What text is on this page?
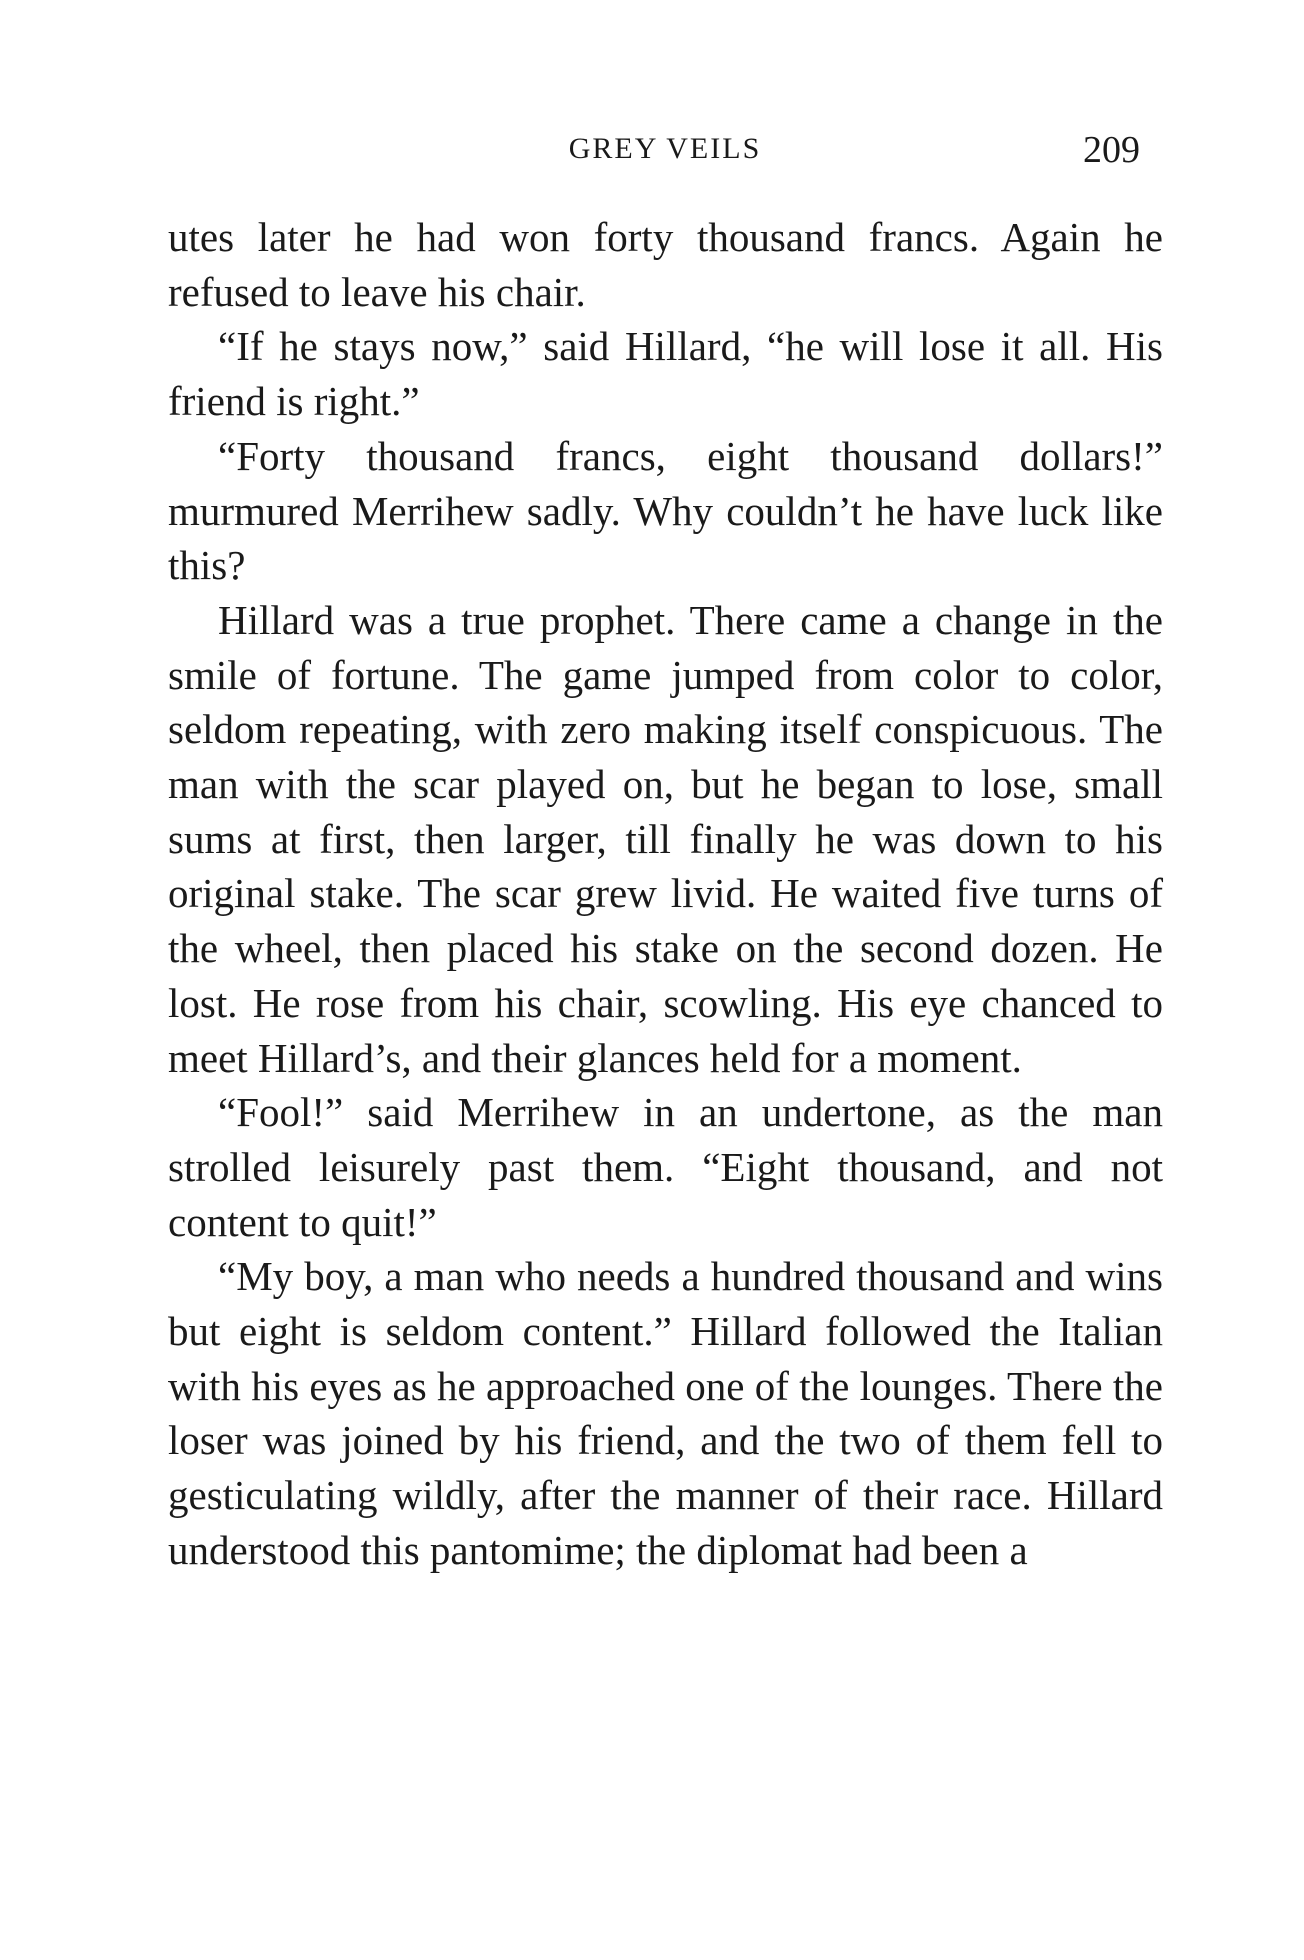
GREY VEILS	209

utes later he had won forty thousand francs. Again he refused to leave his chair.

“If he stays now,” said Hillard, “he will lose it all. His friend is right.”

“Forty thousand francs, eight thousand dollars!” murmured Merrihew sadly. Why couldn’t he have luck like this?

Hillard was a true prophet. There came a change in the smile of fortune. The game jumped from color to color, seldom repeating, with zero making itself conspicuous. The man with the scar played on, but he began to lose, small sums at first, then larger, till finally he was down to his original stake. The scar grew livid. He waited five turns of the wheel, then placed his stake on the second dozen. He lost. He rose from his chair, scowling. His eye chanced to meet Hillard’s, and their glances held for a moment.

“Fool!” said Merrihew in an undertone, as the man strolled leisurely past them. “Eight thousand, and not content to quit!”

“My boy, a man who needs a hundred thousand and wins but eight is seldom content.” Hillard followed the Italian with his eyes as he approached one of the lounges. There the loser was joined by his friend, and the two of them fell to gesticulating wildly, after the manner of their race. Hillard understood this pantomime; the diplomat had been a
